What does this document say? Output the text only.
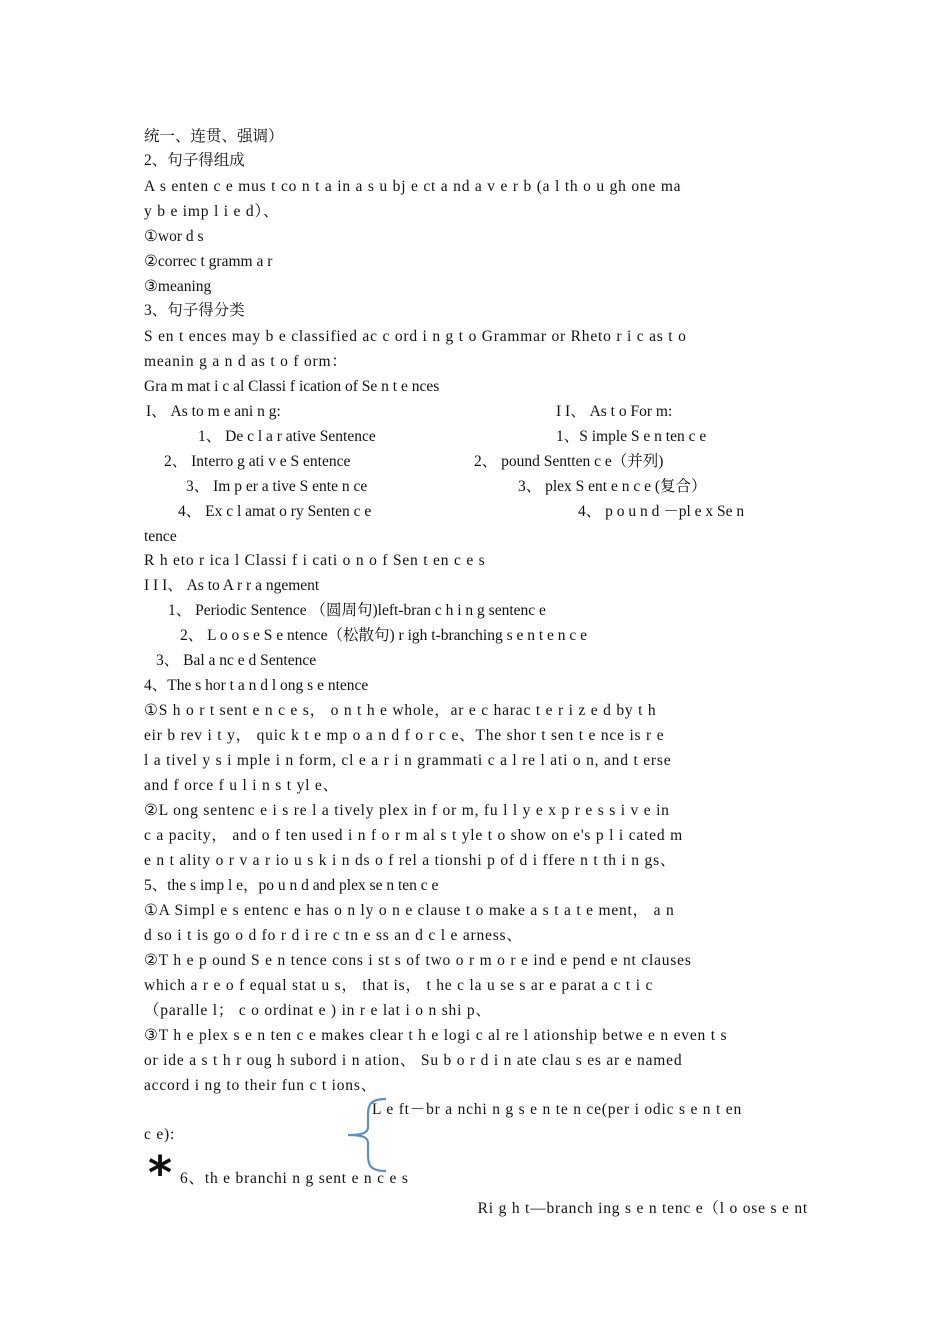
统一、连贯、强调）
2、句子得组成
A s enten c e mus t co n t a in a s u bj e ct a nd a v e r b (a l th o u gh one ma
y b e imp l i e d）、
①wor d s
②correc t gramm a r
③meaning
3、句子得分类
S en t ences may b e classified ac c ord i n g t o Grammar or Rheto r i c as t o
meanin g a n d as t o f orm：
Gra m mat i c al Classi f ication of Se n t e nces
I、 As to m e ani n g:	I I、 As t o For m:
1、 De c l a r ative Sentence	1、S imple S e n ten c e
2、 Interro g ati v e S entence	2、 pound Sentten c e（并列)
3、 Im p er a tive S ente n ce	3、 plex S ent e n c e (复合）
4、 Ex c l amat o ry Senten c e	4、 p o u n d －pl e x Se n
tence
R h eto r ica l Classi f i cati o n o f Sen t en c e s
I I I、 As to A r r a ngement
1、 Periodic Sentence （圆周句)left-bran c h i n g sentenc e
2、 L o o s e S e ntence（松散句) r igh t-branching s e n t e n c e
3、 Bal a nc e d Sentence
4、The s hor t a n d l ong s e ntence
①S h o r t sent e n c e s， o n t h e whole，ar e c harac t e r i z e d by t h
eir b rev i t y， quic k t e mp o a n d f o r c e、The shor t sen t e nce is r e
l a tivel y s i mple i n form, cl e a r i n grammati c a l re l ati o n, and t erse
and f orce f u l i n s t yl e、
②L ong sentenc e i s re l a tively plex in f or m, fu l l y e x p r e s s i v e in
c a pacity， and o f ten used i n f o r m al s t yle t o show on e's p l i cated m
e n t ality o r v a r io u s k i n ds o f rel a tionshi p of d i ffere n t th i n gs、
5、the s imp l e，po u n d and plex se n ten c e
①A Simpl e s entenc e has o n ly o n e clause t o make a s t a t e ment， a n
d so i t is go o d fo r d i re c tn e ss an d c l e arness、
②T h e p ound S e n tence cons i st s of two o r m o r e ind e pend e nt clauses
which a r e o f equal stat u s， that is， t he c la u se s ar e parat a c t i c
（paralle l； c o ordinat e ) in r e lat i o n shi p、
③T h e plex s e n ten c e makes clear t h e logi c al re l ationship betwe e n even t s
or ide a s t h r oug h subord i n ation、 Su b o r d i n ate clau s es ar e named
accord i ng to their fun c t ions、
L e ft－br a nchi n g s e n te n ce(per i odic s e n t en
c e):
* 6、th e branchi n g sent e n c e s
Ri g h t—branch ing s e n tenc e（l o ose s e nt
